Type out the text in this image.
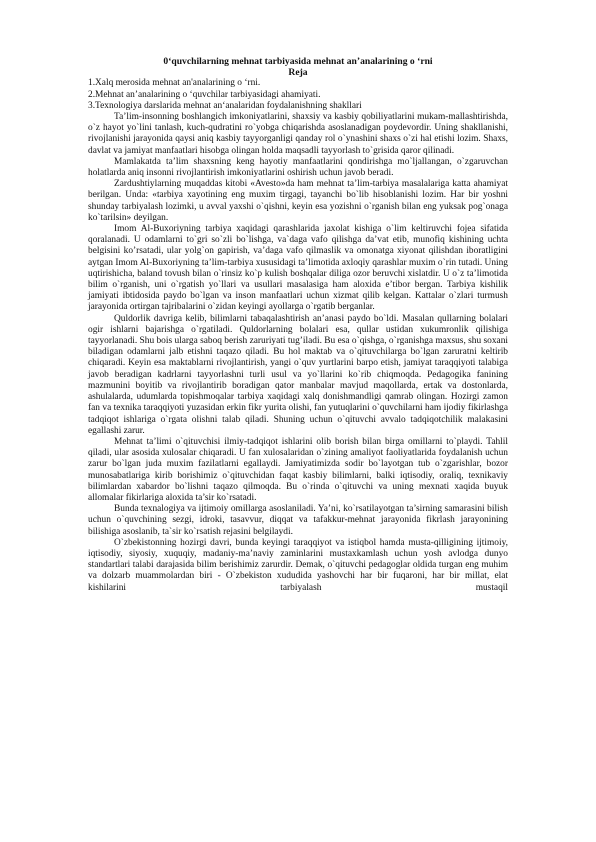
0‘quvchilarning mehnat tarbiyasida mehnat an’analarining o ‘rni
Reja
1.Xalq merosida mehnat an'analarining o ‘rni.
2.Mehnat an’analarining o ‘quvchilar tarbiyasidagi ahamiyati.
3.Texnologiya darslarida mehnat an‘analaridan foydalanishning shakllari

Ta’lim-insonning boshlangich imkoniyatlarini, shaxsiy va kasbiy qobiliyatlarini mukam-mallashtirishda, o`z hayot yo`lini tanlash, kuch-qudratini ro`yobga chiqarishda asoslanadigan poydevordir. Uning shakllanishi, rivojlanishi jarayonida qaysi aniq kasbiy tayyorganligi qanday rol o`ynashini shaxs o`zi hal etishi lozim. Shaxs, davlat va jamiyat manfaatlari hisobga olingan holda maqsadli tayyorlash to`grisida qaror qilinadi.

Mamlakatda ta’lim shaxsning keng hayotiy manfaatlarini qondirishga mo`ljallangan, o`zgaruvchan holatlarda aniq insonni rivojlantirish imkoniyatlarini oshirish uchun javob beradi.

Zardushtiylarning muqaddas kitobi «Avesto»da ham mehnat ta’lim-tarbiya masalalariga katta ahamiyat berilgan. Unda: «tarbiya xayotining eng muxim tirgagi, tayanchi bo`lib hisoblanishi lozim. Har bir yoshni shunday tarbiyalash lozimki, u avval yaxshi o`qishni, keyin esa yozishni o`rganish bilan eng yuksak pog`onaga ko`tarilsin» deyilgan.

Imom Al-Buxoriyning tarbiya xaqidagi qarashlarida jaxolat kishiga o`lim keltiruvchi fojea sifatida qoralanadi. U odamlarni to`gri so`zli bo`lishga, va`daga vafo qilishga da’vat etib, munofiq kishining uchta belgisini ko’rsatadi, ular yolg`on gapirish, va’daga vafo qilmaslik va omonatga xiyonat qilishdan iboratligini aytgan Imom Al-Buxoriyning ta’lim-tarbiya xususidagi ta’limotida axloqiy qarashlar muxim o`rin tutadi. Uning uqtirishicha, baland tovush bilan o`rinsiz ko`p kulish boshqalar diliga ozor beruvchi xislatdir. U o`z ta’limotida bilim o`rganish, uni o`rgatish yo`llari va usullari masalasiga ham aloxida e’tibor bergan. Tarbiya kishilik jamiyati ibtidosida paydo bo`lgan va inson manfaatlari uchun xizmat qilib kelgan. Kattalar o`zlari turmush jarayonida ortirgan tajribalarini o`zidan keyingi ayollarga o`rgatib berganlar.

Quldorlik davriga kelib, bilimlarni tabaqalashtirish an’anasi paydo bo`ldi. Masalan qullarning bolalari ogir ishlarni bajarishga o`rgatiladi. Quldorlarning bolalari esa, qullar ustidan xukumronlik qilishiga tayyorlanadi. Shu bois ularga saboq berish zaruriyati tug’iladi. Bu esa o`qishga, o`rganishga maxsus, shu soxani biladigan odamlarni jalb etishni taqazo qiladi. Bu hol maktab va o`qituvchilarga bo`lgan zaruratni keltirib chiqaradi. Keyin esa maktablarni rivojlantirish, yangi o`quv yurtlarini barpo etish, jamiyat taraqqiyoti talabiga javob beradigan kadrlarni tayyorlashni turli usul va yo`llarini ko`rib chiqmoqda. Pedagogika fanining mazmunini boyitib va rivojlantirib boradigan qator manbalar mavjud maqollarda, ertak va dostonlarda, ashulalarda, udumlarda topishmoqalar tarbiya xaqidagi xalq donishmandligi qamrab olingan. Hozirgi zamon fan va texnika taraqqiyoti yuzasidan erkin fikr yurita olishi, fan yutuqlarini o`quvchilarni ham ijodiy fikirlashga tadqiqot ishlariga o`rgata olishni talab qiladi. Shuning uchun o`qituvchi avvalo tadqiqotchilik malakasini egallashi zarur.

Mehnat ta’limi o`qituvchisi ilmiy-tadqiqot ishlarini olib borish bilan birga omillarni to`playdi. Tahlil qiladi, ular asosida xulosalar chiqaradi. U fan xulosalaridan o`zining amaliyot faoliyatlarida foydalanish uchun zarur bo`lgan juda muxim fazilatlarni egallaydi. Jamiyatimizda sodir bo`layotgan tub o`zgarishlar, bozor munosabatlariga kirib borishimiz o`qituvchidan faqat kasbiy bilimlarni, balki iqtisodiy, oraliq, texnikaviy bilimlardan xabardor bo`lishni taqazo qilmoqda. Bu o`rinda o`qituvchi va uning mexnati xaqida buyuk allomalar fikirlariga aloxida ta’sir ko`rsatadi.

Bunda texnalogiya va ijtimoiy omillarga asoslaniladi. Ya’ni, ko`rsatilayotgan ta’sirning samarasini bilish uchun o`quvchining sezgi, idroki, tasavvur, diqqat va tafakkur-mehnat jarayonida fikrlash jarayonining bilishiga asoslanib, ta`sir ko`rsatish rejasini belgilaydi.

O`zbekistonning hozirgi davri, bunda keyingi taraqqiyot va istiqbol hamda musta-qilligining ijtimoiy, iqtisodiy, siyosiy, xuquqiy, madaniy-ma’naviy zaminlarini mustaxkamlash uchun yosh avlodga dunyo standartlari talabi darajasida bilim berishimiz zarurdir. Demak, o`qituvchi pedagoglar oldida turgan eng muhim va dolzarb muammolardan biri - O`zbekiston xududida yashovchi har bir fuqaroni, har bir millat, elat kishilarini tarbiyalash mustaqil
